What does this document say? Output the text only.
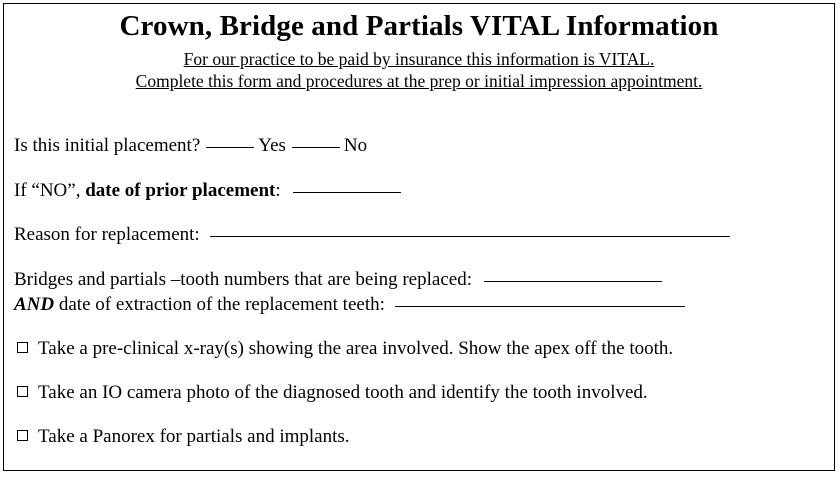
Crown, Bridge and Partials VITAL Information
For our practice to be paid by insurance this information is VITAL.
Complete this form and procedures at the prep or initial impression appointment.
Is this initial placement?	Yes	No
If “NO”, date of prior placement :
Reason for replacement:
Bridges and partials –tooth numbers that are being replaced:
AND date of extraction of the replacement teeth:
Take a pre-clinical x-ray(s) showing the area involved. Show the apex off the tooth.
Take an IO camera photo of the diagnosed tooth and identify the tooth involved.
Take a Panorex for partials and implants.
